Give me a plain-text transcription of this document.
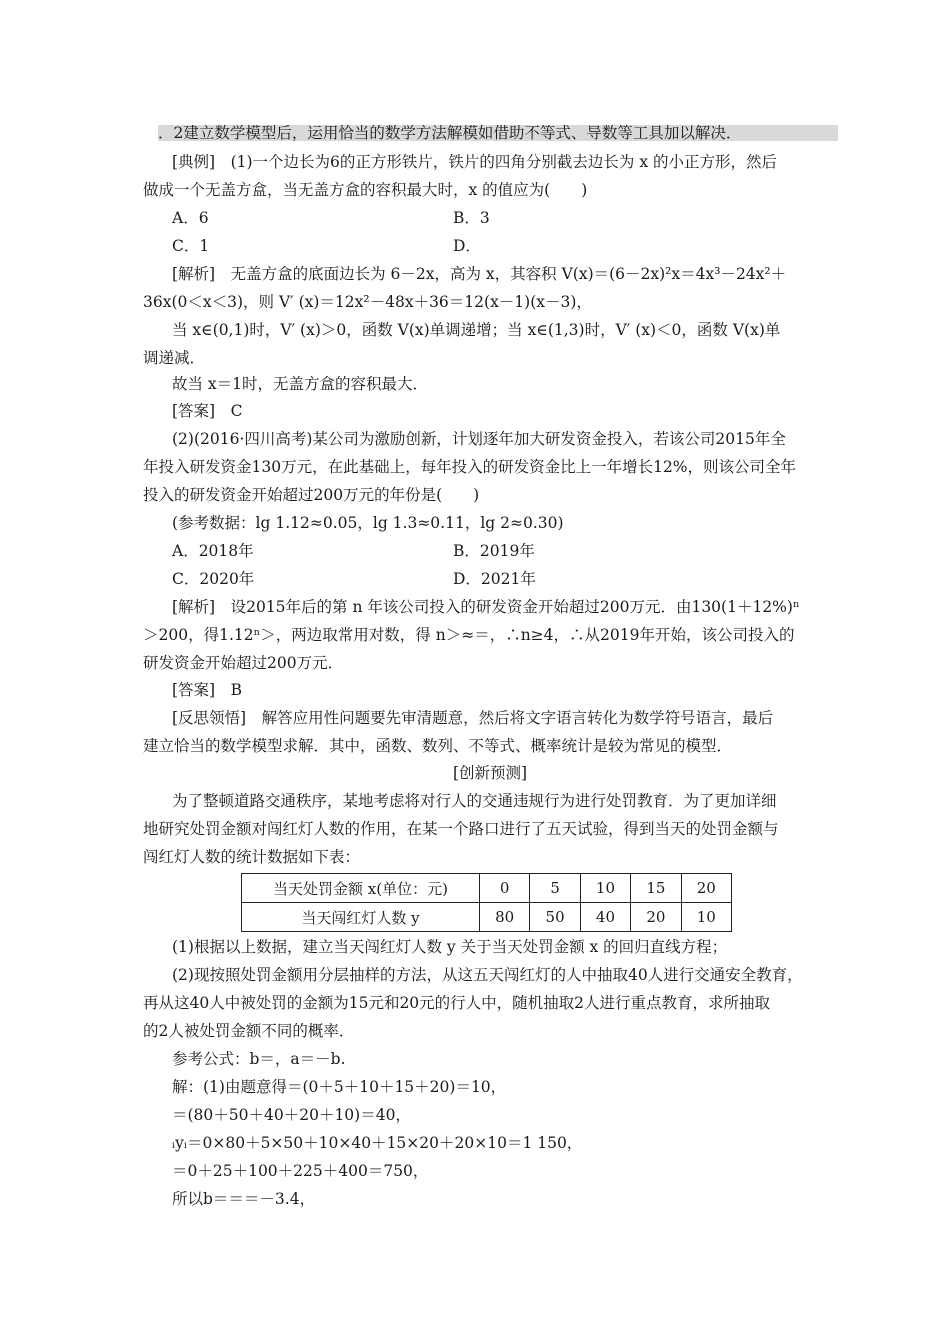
．2建立数学模型后，运用恰当的数学方法解模如借助不等式、导数等工具加以解决．
[典例]　(1)一个边长为6的正方形铁片，铁片的四角分别截去边长为 x 的小正方形，然后
做成一个无盖方盒，当无盖方盒的容积最大时，x 的值应为(　　)
A．6	B．3
C．1	D．
[解析]　无盖方盒的底面边长为 6－2x，高为 x，其容积 V(x)＝(6－2x)²x＝4x³－24x²＋
36x(0＜x＜3)，则 V′ (x)＝12x²－48x＋36＝12(x－1)(x－3)，
当 x∈(0,1)时，V′ (x)＞0，函数 V(x)单调递增；当 x∈(1,3)时，V′ (x)＜0，函数 V(x)单
调递减．
故当 x＝1时，无盖方盒的容积最大．
[答案]　C
(2)(2016·四川高考)某公司为激励创新，计划逐年加大研发资金投入，若该公司2015年全
年投入研发资金130万元，在此基础上，每年投入的研发资金比上一年增长12%，则该公司全年
投入的研发资金开始超过200万元的年份是(　　)
(参考数据：lg 1.12≈0.05，lg 1.3≈0.11，lg 2≈0.30)
A．2018年	B．2019年
C．2020年	D．2021年
[解析]　设2015年后的第 n 年该公司投入的研发资金开始超过200万元．由130(1＋12%)ⁿ
＞200，得1.12ⁿ＞，两边取常用对数，得 n＞≈＝，∴n≥4，∴从2019年开始，该公司投入的
研发资金开始超过200万元．
[答案]　B
[反思领悟]　解答应用性问题要先审清题意，然后将文字语言转化为数学符号语言，最后
建立恰当的数学模型求解．其中，函数、数列、不等式、概率统计是较为常见的模型．
[创新预测]
为了整顿道路交通秩序，某地考虑将对行人的交通违规行为进行处罚教育．为了更加详细
地研究处罚金额对闯红灯人数的作用，在某一个路口进行了五天试验，得到当天的处罚金额与
闯红灯人数的统计数据如下表：
当天处罚金额 x(单位：元)	0	5	10	15	20
当天闯红灯人数 y	80	50	40	20	10
(1)根据以上数据，建立当天闯红灯人数 y 关于当天处罚金额 x 的回归直线方程；
(2)现按照处罚金额用分层抽样的方法，从这五天闯红灯的人中抽取40人进行交通安全教育，
再从这40人中被处罚的金额为15元和20元的行人中，随机抽取2人进行重点教育，求所抽取
的2人被处罚金额不同的概率．
参考公式：b＝，a＝－b.
解：(1)由题意得＝(0＋5＋10＋15＋20)＝10，
＝(80＋50＋40＋20＋10)＝40，
ᵢyᵢ＝0×80＋5×50＋10×40＋15×20＋20×10＝1 150，
＝0＋25＋100＋225＋400＝750，
所以b＝＝＝－3.4，
